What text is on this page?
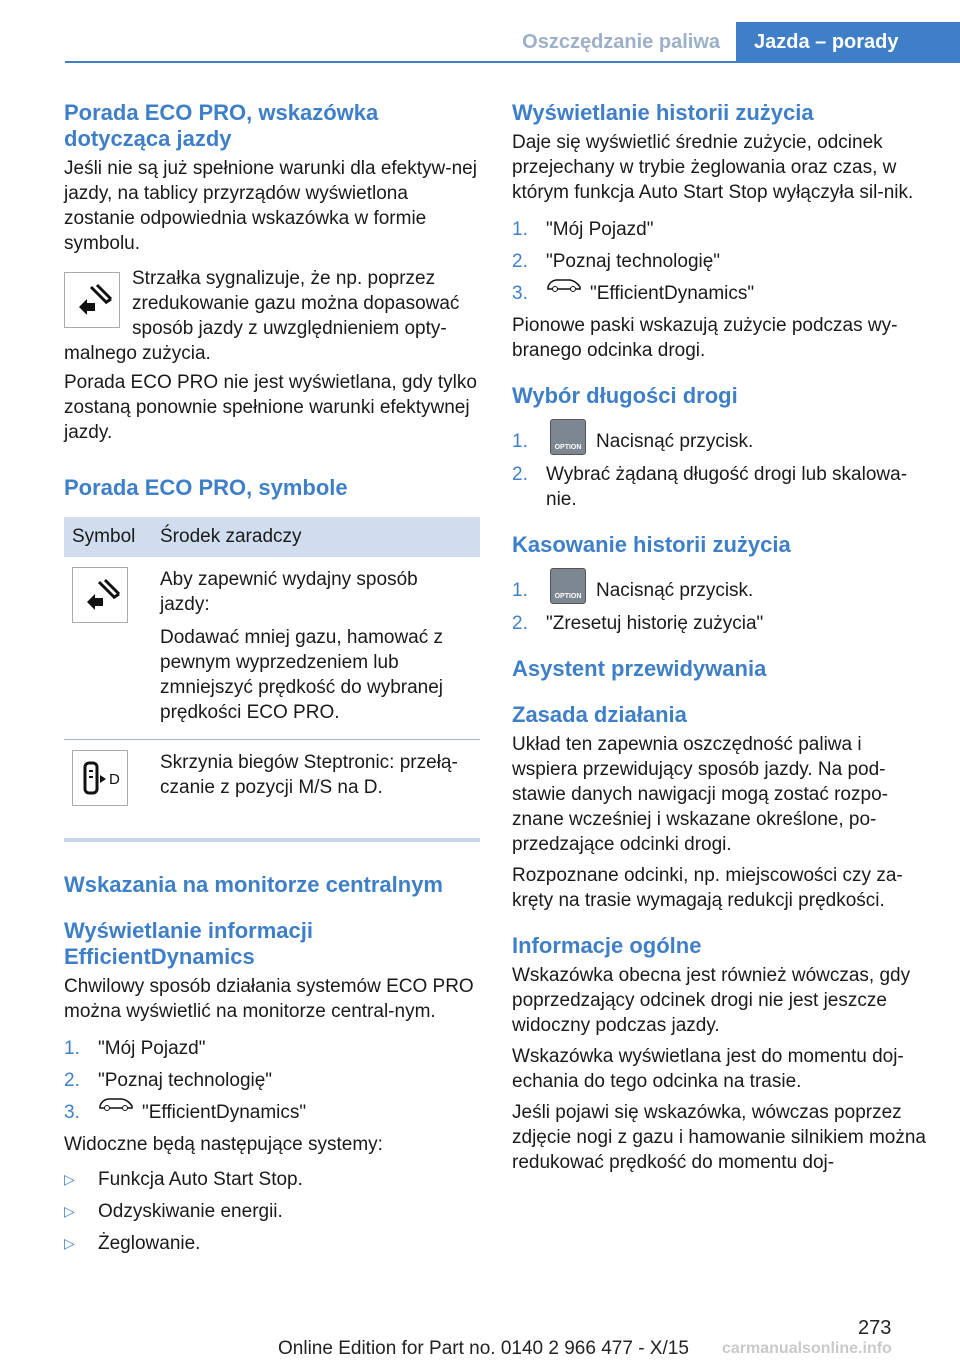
Oszczędzanie paliwa	Jazda – porady
Porada ECO PRO, wskazówka dotycząca jazdy

Jeśli nie są już spełnione warunki dla efektyw-nej jazdy, na tablicy przyrządów wyświetlona zostanie odpowiednia wskazówka w formie symbolu.

Strzałka sygnalizuje, że np. poprzez zredukowanie gazu można dopasować sposób jazdy z uwzględnieniem opty-malnego zużycia.

Porada ECO PRO nie jest wyświetlana, gdy tylko zostaną ponownie spełnione warunki efektywnej jazdy.

Porada ECO PRO, symbole
Symbol	Środek zaradczy

Aby zapewnić wydajny sposób jazdy:
Dodawać mniej gazu, hamować z pewnym wyprzedzeniem lub zmniejszyć prędkość do wybranej prędkości ECO PRO.

D	Skrzynia biegów Steptronic: przełą-czanie z pozycji M/S na D.
Wskazania na monitorze centralnym
Wyświetlanie informacji EfficientDynamics

Chwilowy sposób działania systemów ECO PRO można wyświetlić na monitorze central-nym.

1. "Mój Pojazd"
2. "Poznaj technologię"
3.	"EfficientDynamics"

Widoczne będą następujące systemy:

▷	Funkcja Auto Start Stop.
▷	Odzyskiwanie energii.
▷	Żeglowanie.
Wyświetlanie historii zużycia

Daje się wyświetlić średnie zużycie, odcinek przejechany w trybie żeglowania oraz czas, w którym funkcja Auto Start Stop wyłączyła sil-nik.

1. "Mój Pojazd"
2. "Poznaj technologię"
3.	"EfficientDynamics"

Pionowe paski wskazują zużycie podczas wy-branego odcinka drogi.

Wybór długości drogi
1.	OPTION Nacisnąć przycisk.
2. Wybrać żądaną długość drogi lub skalowa-nie.
Kasowanie historii zużycia
1.	OPTION Nacisnąć przycisk.
2. "Zresetuj historię zużycia"
Asystent przewidywania
Zasada działania

Układ ten zapewnia oszczędność paliwa i wspiera przewidujący sposób jazdy. Na pod-stawie danych nawigacji mogą zostać rozpo-znane wcześniej i wskazane określone, po-przedzające odcinki drogi.

Rozpoznane odcinki, np. miejscowości czy za-kręty na trasie wymagają redukcji prędkości.

Informacje ogólne

Wskazówka obecna jest również wówczas, gdy poprzedzający odcinek drogi nie jest jeszcze widoczny podczas jazdy.

Wskazówka wyświetlana jest do momentu doj-echania do tego odcinka na trasie.

Jeśli pojawi się wskazówka, wówczas poprzez zdjęcie nogi z gazu i hamowanie silnikiem można redukować prędkość do momentu doj-

273
Online Edition for Part no. 0140 2 966 477 - X/15 carmanualsonline.info
